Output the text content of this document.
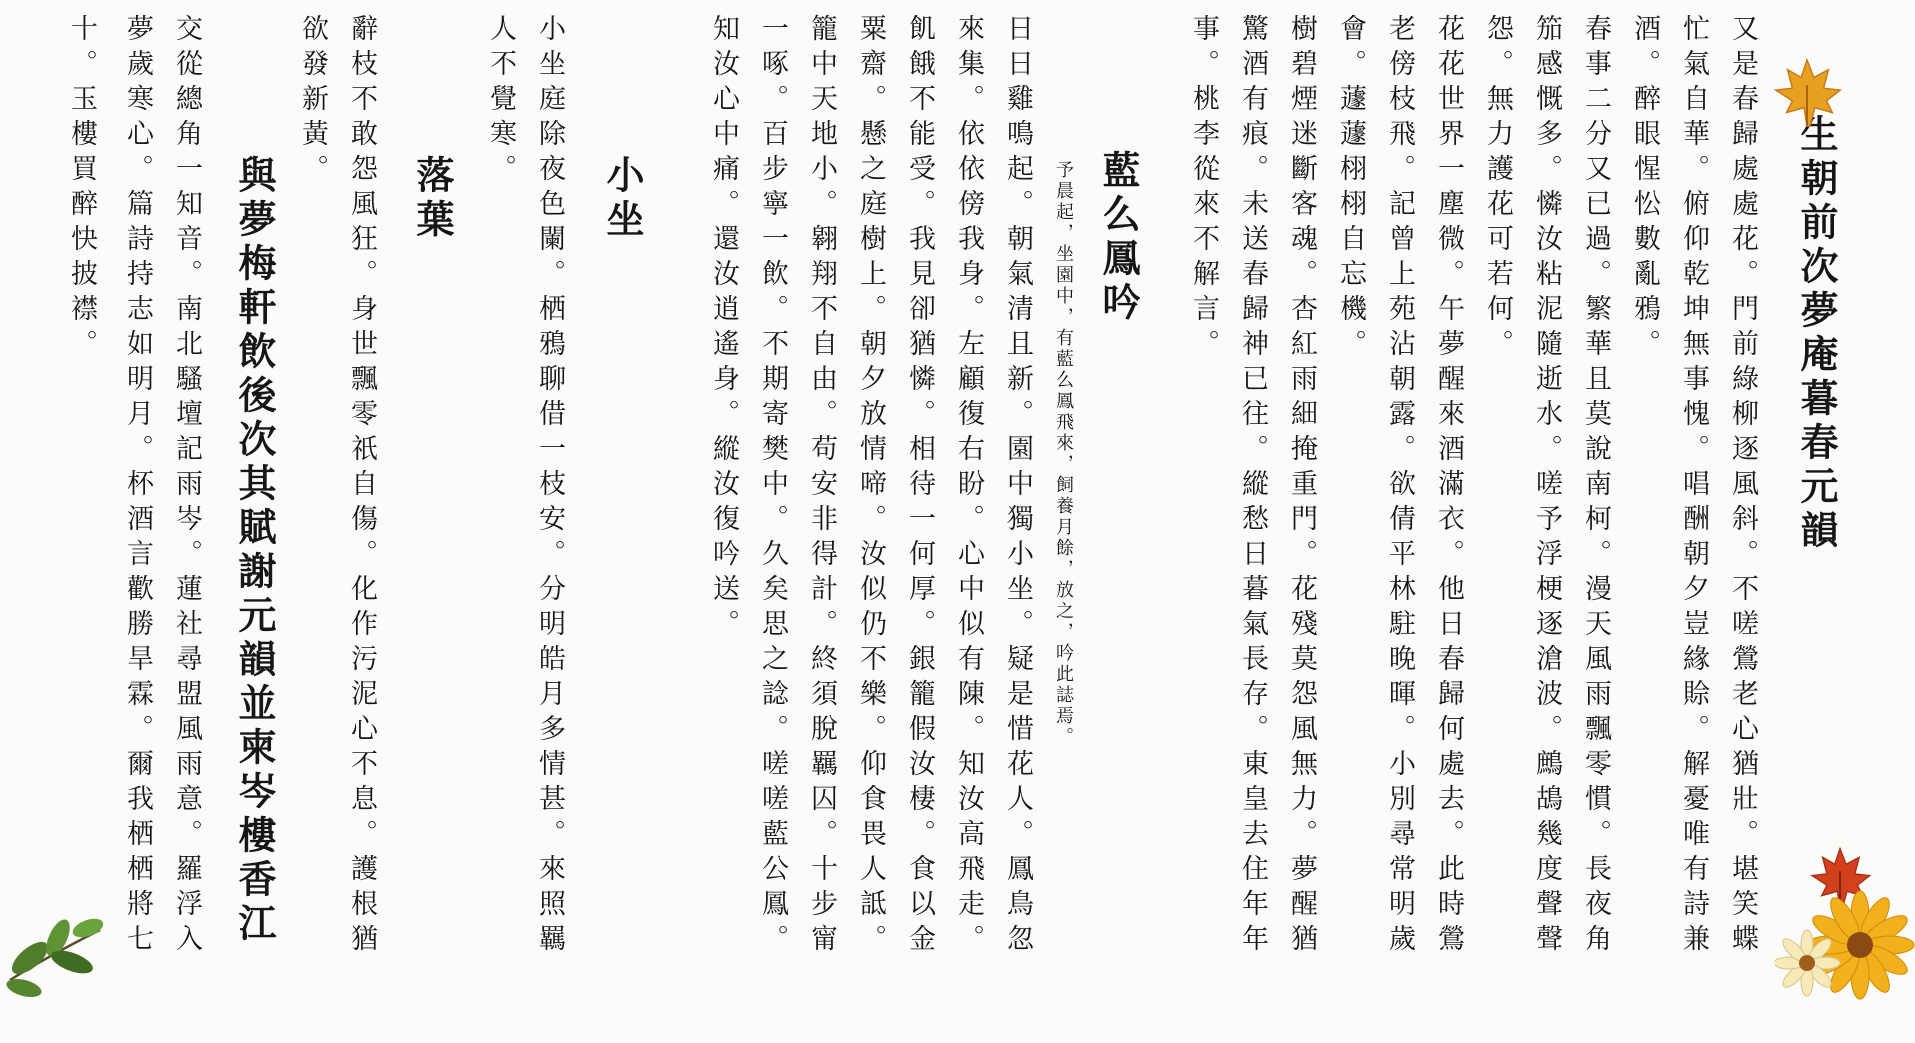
生朝前次夢庵暮春元韻
又是春歸處處花。門前綠柳逐風斜。不嗟鶯老心猶壯。堪笑蝶
忙氣自華。俯仰乾坤無事愧。唱酬朝夕豈緣賒。解憂唯有詩兼
酒。醉眼惺忪數亂鴉。
春事二分又已過。繁華且莫說南柯。漫天風雨飄零慣。長夜角
笳感慨多。憐汝粘泥隨逝水。嗟予浮梗逐滄波。鷓鴣幾度聲聲
怨。無力護花可若何。
花花世界一塵微。午夢醒來酒滿衣。他日春歸何處去。此時鶯
老傍枝飛。記曾上苑沾朝露。欲倩平林駐晚暉。小別尋常明歲
會。蘧蘧栩栩自忘機。
樹碧煙迷斷客魂。杏紅雨細掩重門。花殘莫怨風無力。夢醒猶
驚酒有痕。未送春歸神已往。縱愁日暮氣長存。東皇去住年年
事。桃李從來不解言。
藍么鳳吟
予晨起，坐園中，有藍么鳳飛來，飼養月餘，放之，吟此誌焉。
日日雞鳴起。朝氣清且新。園中獨小坐。疑是惜花人。鳳鳥忽
來集。依依傍我身。左顧復右盼。心中似有陳。知汝高飛走。
飢餓不能受。我見卻猶憐。相待一何厚。銀籠假汝棲。食以金
粟齋。懸之庭樹上。朝夕放情啼。汝似仍不樂。仰食畏人詆。
籠中天地小。翱翔不自由。苟安非得計。終須脫羈囚。十步甯
一啄。百步寧一飲。不期寄樊中。久矣思之諗。嗟嗟藍公鳳。
知汝心中痛。還汝逍遙身。縱汝復吟送。
小坐
小坐庭除夜色闌。栖鴉聊借一枝安。分明皓月多情甚。來照羈
人不覺寒。
落葉
辭枝不敢怨風狂。身世飄零祇自傷。化作污泥心不息。護根猶
欲發新黃。
與夢梅軒飲後次其賦謝元韻並柬岑樓香江
交從總角一知音。南北騷壇記雨岑。蓮社尋盟風雨意。羅浮入
夢歲寒心。篇詩持志如明月。杯酒言歡勝旱霖。爾我栖栖將七
十。玉樓買醉快披襟。
